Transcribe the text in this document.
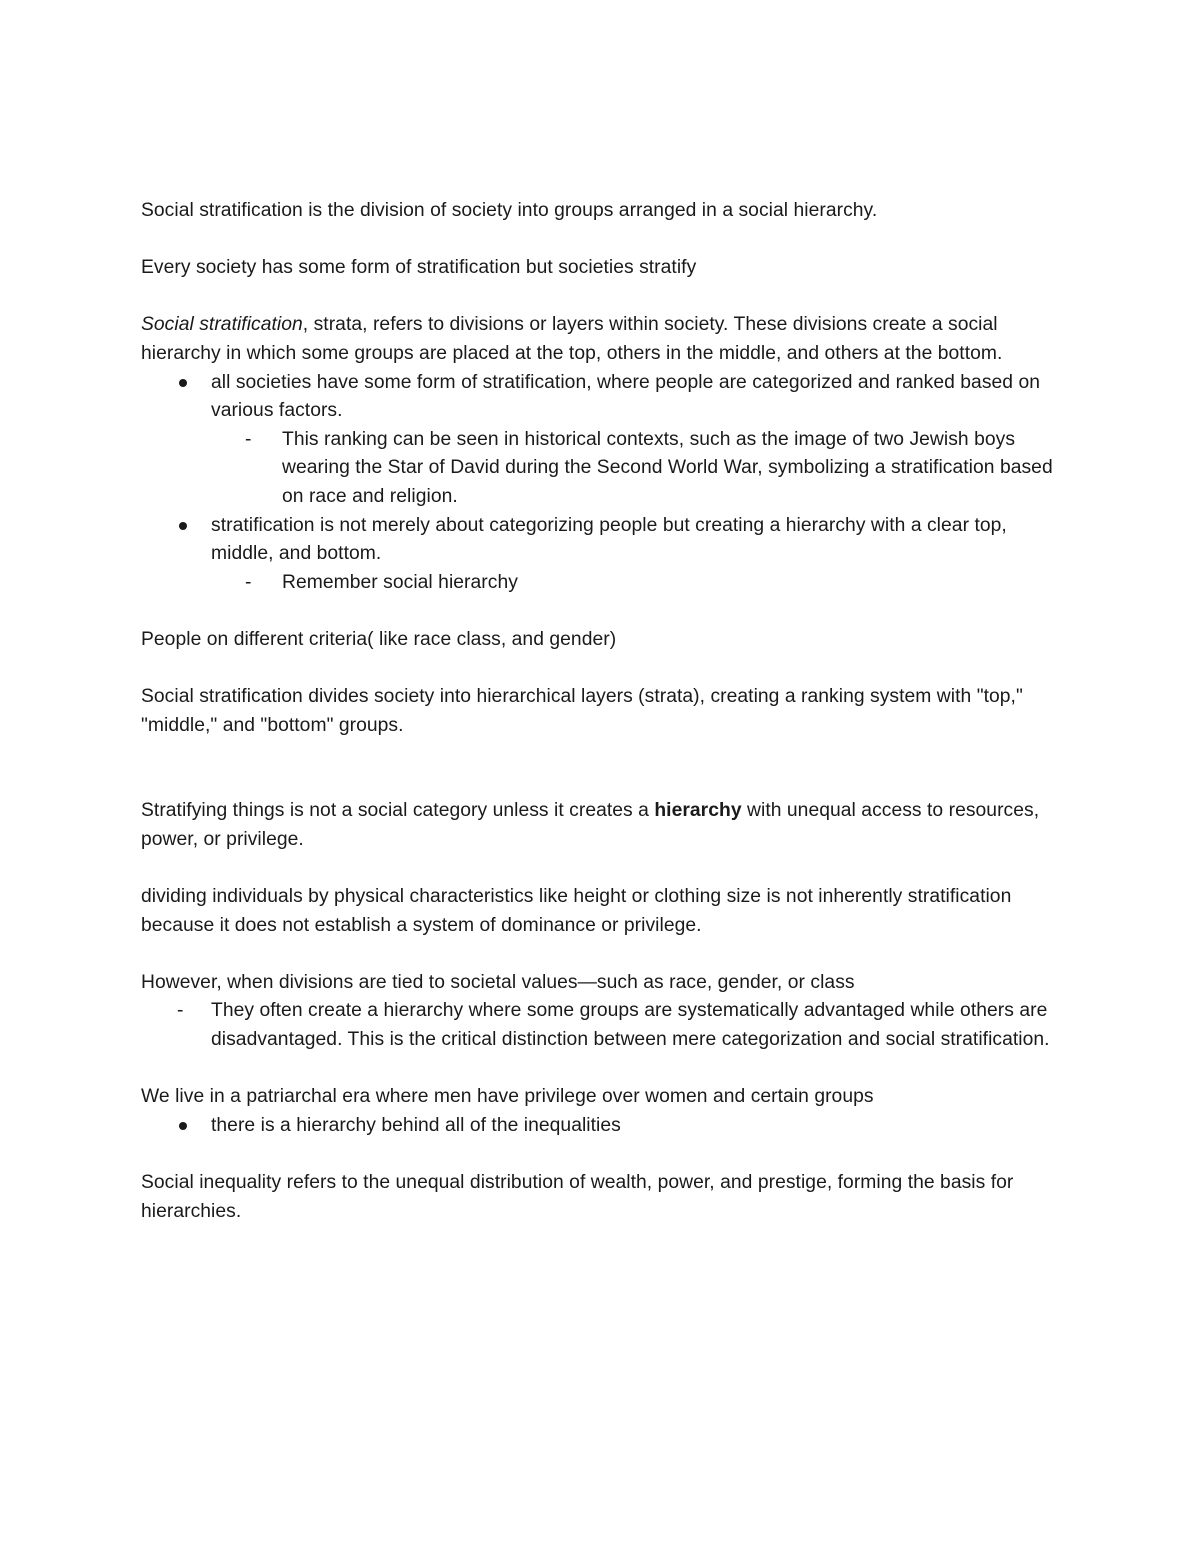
Social stratification is the division of society into groups arranged in a social hierarchy.

Every society has some form of stratification but societies stratify

Social stratification, strata, refers to divisions or layers within society. These divisions create a social hierarchy in which some groups are placed at the top, others in the middle, and others at the bottom.

all societies have some form of stratification, where people are categorized and ranked based on various factors.
- This ranking can be seen in historical contexts, such as the image of two Jewish boys wearing the Star of David during the Second World War, symbolizing a stratification based on race and religion.
stratification is not merely about categorizing people but creating a hierarchy with a clear top, middle, and bottom.
- Remember social hierarchy

People on different criteria( like race class, and gender)

Social stratification divides society into hierarchical layers (strata), creating a ranking system with "top," "middle," and "bottom" groups.

Stratifying things is not a social category unless it creates a hierarchy with unequal access to resources, power, or privilege.

dividing individuals by physical characteristics like height or clothing size is not inherently stratification because it does not establish a system of dominance or privilege.

However, when divisions are tied to societal values—such as race, gender, or class

- They often create a hierarchy where some groups are systematically advantaged while others are disadvantaged. This is the critical distinction between mere categorization and social stratification.

We live in a patriarchal era where men have privilege over women and certain groups

there is a hierarchy behind all of the inequalities

Social inequality refers to the unequal distribution of wealth, power, and prestige, forming the basis for hierarchies.
